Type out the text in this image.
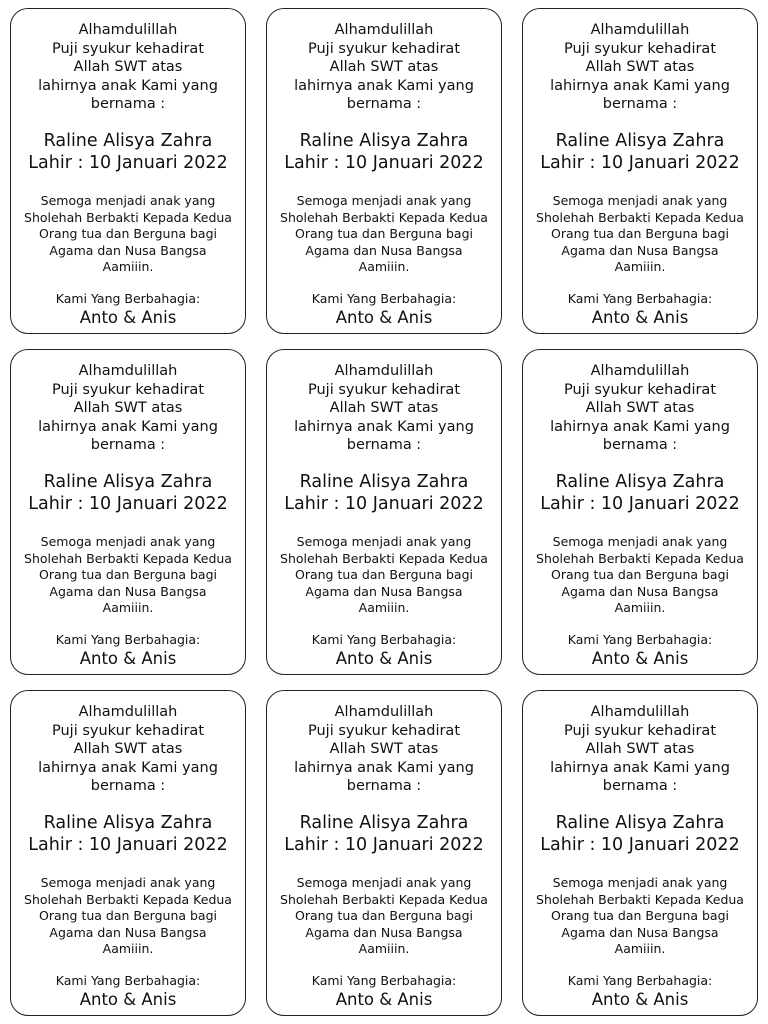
Alhamdulillah
Puji syukur kehadirat
Allah SWT atas
lahirnya anak Kami yang
bernama :
Raline Alisya Zahra
Lahir : 10 Januari 2022
Semoga menjadi anak yang
Sholehah Berbakti Kepada Kedua
Orang tua dan Berguna bagi
Agama dan Nusa Bangsa
Aamiiin.
Kami Yang Berbahagia:
Anto & Anis
Alhamdulillah
Puji syukur kehadirat
Allah SWT atas
lahirnya anak Kami yang
bernama :
Raline Alisya Zahra
Lahir : 10 Januari 2022
Semoga menjadi anak yang
Sholehah Berbakti Kepada Kedua
Orang tua dan Berguna bagi
Agama dan Nusa Bangsa
Aamiiin.
Kami Yang Berbahagia:
Anto & Anis
Alhamdulillah
Puji syukur kehadirat
Allah SWT atas
lahirnya anak Kami yang
bernama :
Raline Alisya Zahra
Lahir : 10 Januari 2022
Semoga menjadi anak yang
Sholehah Berbakti Kepada Kedua
Orang tua dan Berguna bagi
Agama dan Nusa Bangsa
Aamiiin.
Kami Yang Berbahagia:
Anto & Anis
Alhamdulillah
Puji syukur kehadirat
Allah SWT atas
lahirnya anak Kami yang
bernama :
Raline Alisya Zahra
Lahir : 10 Januari 2022
Semoga menjadi anak yang
Sholehah Berbakti Kepada Kedua
Orang tua dan Berguna bagi
Agama dan Nusa Bangsa
Aamiiin.
Kami Yang Berbahagia:
Anto & Anis
Alhamdulillah
Puji syukur kehadirat
Allah SWT atas
lahirnya anak Kami yang
bernama :
Raline Alisya Zahra
Lahir : 10 Januari 2022
Semoga menjadi anak yang
Sholehah Berbakti Kepada Kedua
Orang tua dan Berguna bagi
Agama dan Nusa Bangsa
Aamiiin.
Kami Yang Berbahagia:
Anto & Anis
Alhamdulillah
Puji syukur kehadirat
Allah SWT atas
lahirnya anak Kami yang
bernama :
Raline Alisya Zahra
Lahir : 10 Januari 2022
Semoga menjadi anak yang
Sholehah Berbakti Kepada Kedua
Orang tua dan Berguna bagi
Agama dan Nusa Bangsa
Aamiiin.
Kami Yang Berbahagia:
Anto & Anis
Alhamdulillah
Puji syukur kehadirat
Allah SWT atas
lahirnya anak Kami yang
bernama :
Raline Alisya Zahra
Lahir : 10 Januari 2022
Semoga menjadi anak yang
Sholehah Berbakti Kepada Kedua
Orang tua dan Berguna bagi
Agama dan Nusa Bangsa
Aamiiin.
Kami Yang Berbahagia:
Anto & Anis
Alhamdulillah
Puji syukur kehadirat
Allah SWT atas
lahirnya anak Kami yang
bernama :
Raline Alisya Zahra
Lahir : 10 Januari 2022
Semoga menjadi anak yang
Sholehah Berbakti Kepada Kedua
Orang tua dan Berguna bagi
Agama dan Nusa Bangsa
Aamiiin.
Kami Yang Berbahagia:
Anto & Anis
Alhamdulillah
Puji syukur kehadirat
Allah SWT atas
lahirnya anak Kami yang
bernama :
Raline Alisya Zahra
Lahir : 10 Januari 2022
Semoga menjadi anak yang
Sholehah Berbakti Kepada Kedua
Orang tua dan Berguna bagi
Agama dan Nusa Bangsa
Aamiiin.
Kami Yang Berbahagia:
Anto & Anis
